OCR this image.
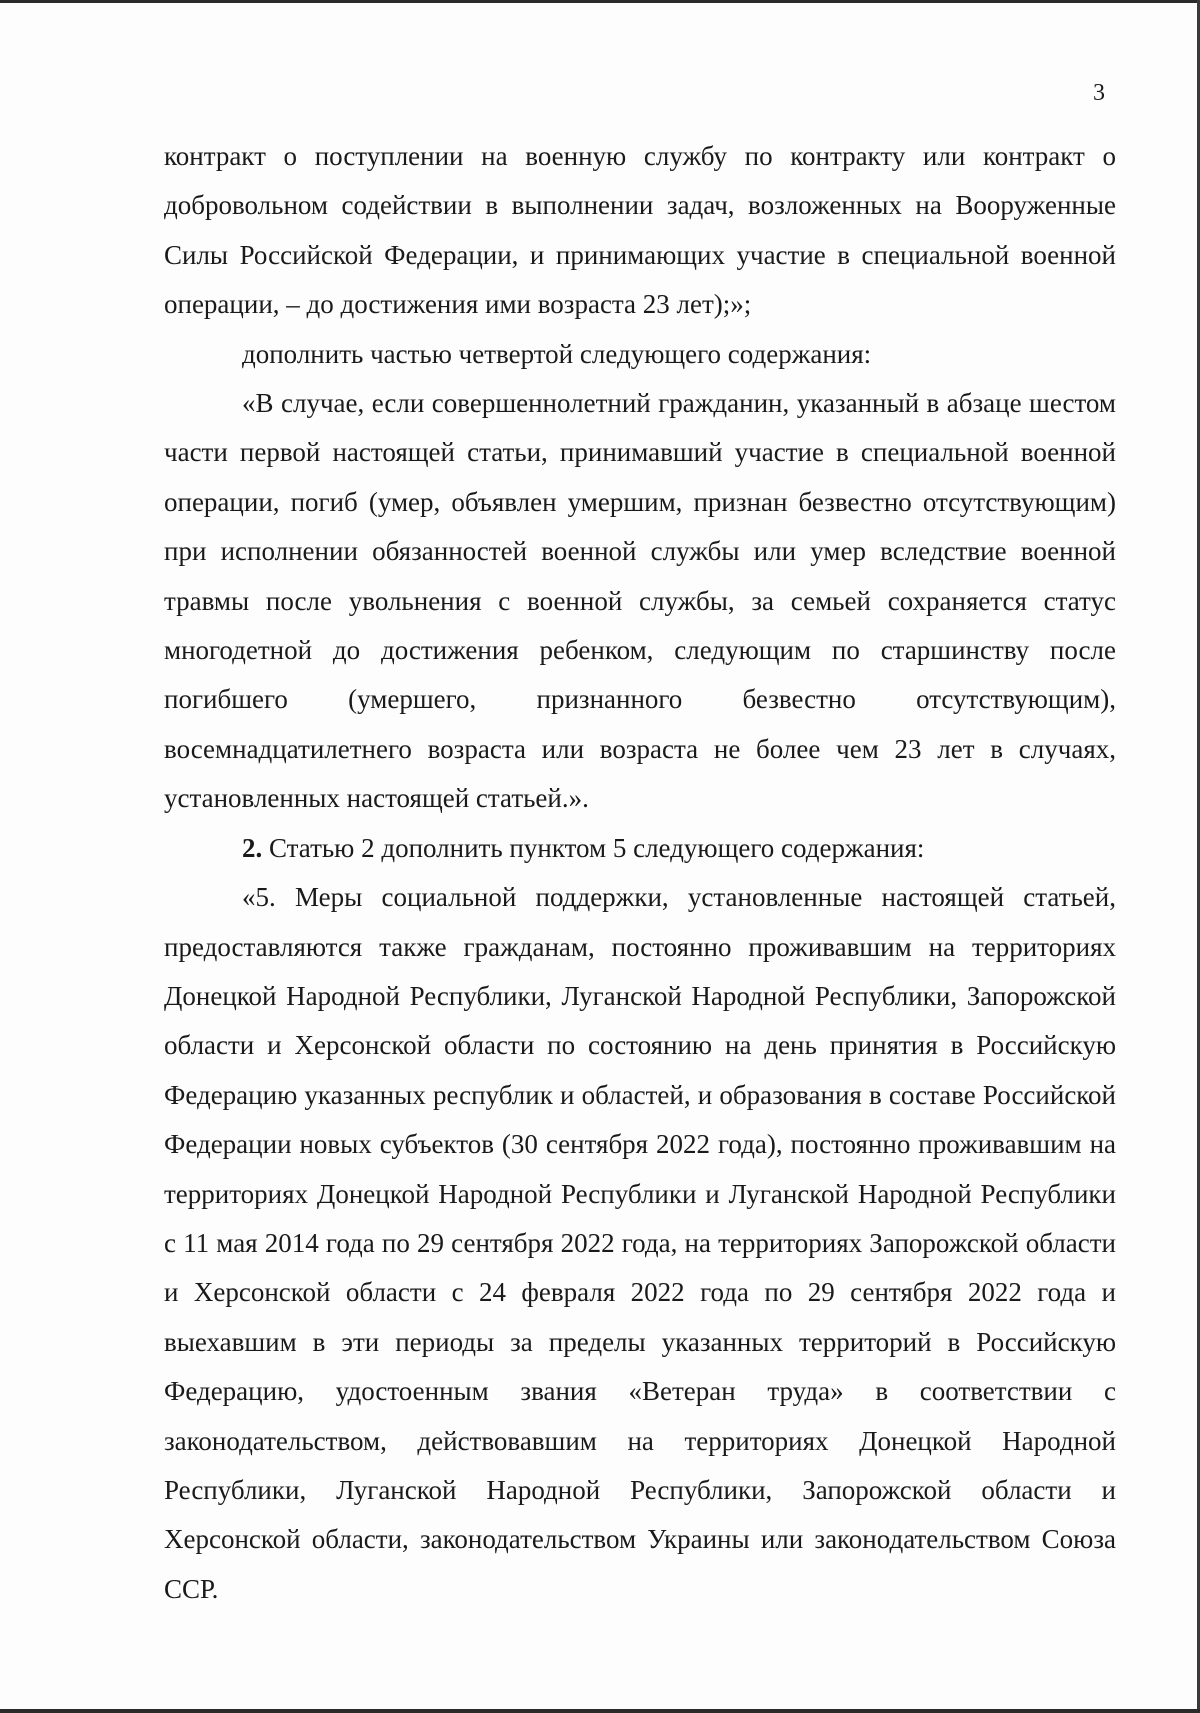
3

контракт о поступлении на военную службу по контракту или контракт о добровольном содействии в выполнении задач, возложенных на Вооруженные Силы Российской Федерации, и принимающих участие в специальной военной операции, – до достижения ими возраста 23 лет);»;

дополнить частью четвертой следующего содержания:

«В случае, если совершеннолетний гражданин, указанный в абзаце шестом части первой настоящей статьи, принимавший участие в специальной военной операции, погиб (умер, объявлен умершим, признан безвестно отсутствующим) при исполнении обязанностей военной службы или умер вследствие военной травмы после увольнения с военной службы, за семьей сохраняется статус многодетной до достижения ребенком, следующим по старшинству после погибшего (умершего, признанного безвестно отсутствующим), восемнадцатилетнего возраста или возраста не более чем 23 лет в случаях, установленных настоящей статьей.».

2. Статью 2 дополнить пунктом 5 следующего содержания:

«5. Меры социальной поддержки, установленные настоящей статьей, предоставляются также гражданам, постоянно проживавшим на территориях Донецкой Народной Республики, Луганской Народной Республики, Запорожской области и Херсонской области по состоянию на день принятия в Российскую Федерацию указанных республик и областей, и образования в составе Российской Федерации новых субъектов (30 сентября 2022 года), постоянно проживавшим на территориях Донецкой Народной Республики и Луганской Народной Республики с 11 мая 2014 года по 29 сентября 2022 года, на территориях Запорожской области и Херсонской области с 24 февраля 2022 года по 29 сентября 2022 года и выехавшим в эти периоды за пределы указанных территорий в Российскую Федерацию, удостоенным звания «Ветеран труда» в соответствии с законодательством, действовавшим на территориях Донецкой Народной Республики, Луганской Народной Республики, Запорожской области и Херсонской области, законодательством Украины или законодательством Союза ССР.
